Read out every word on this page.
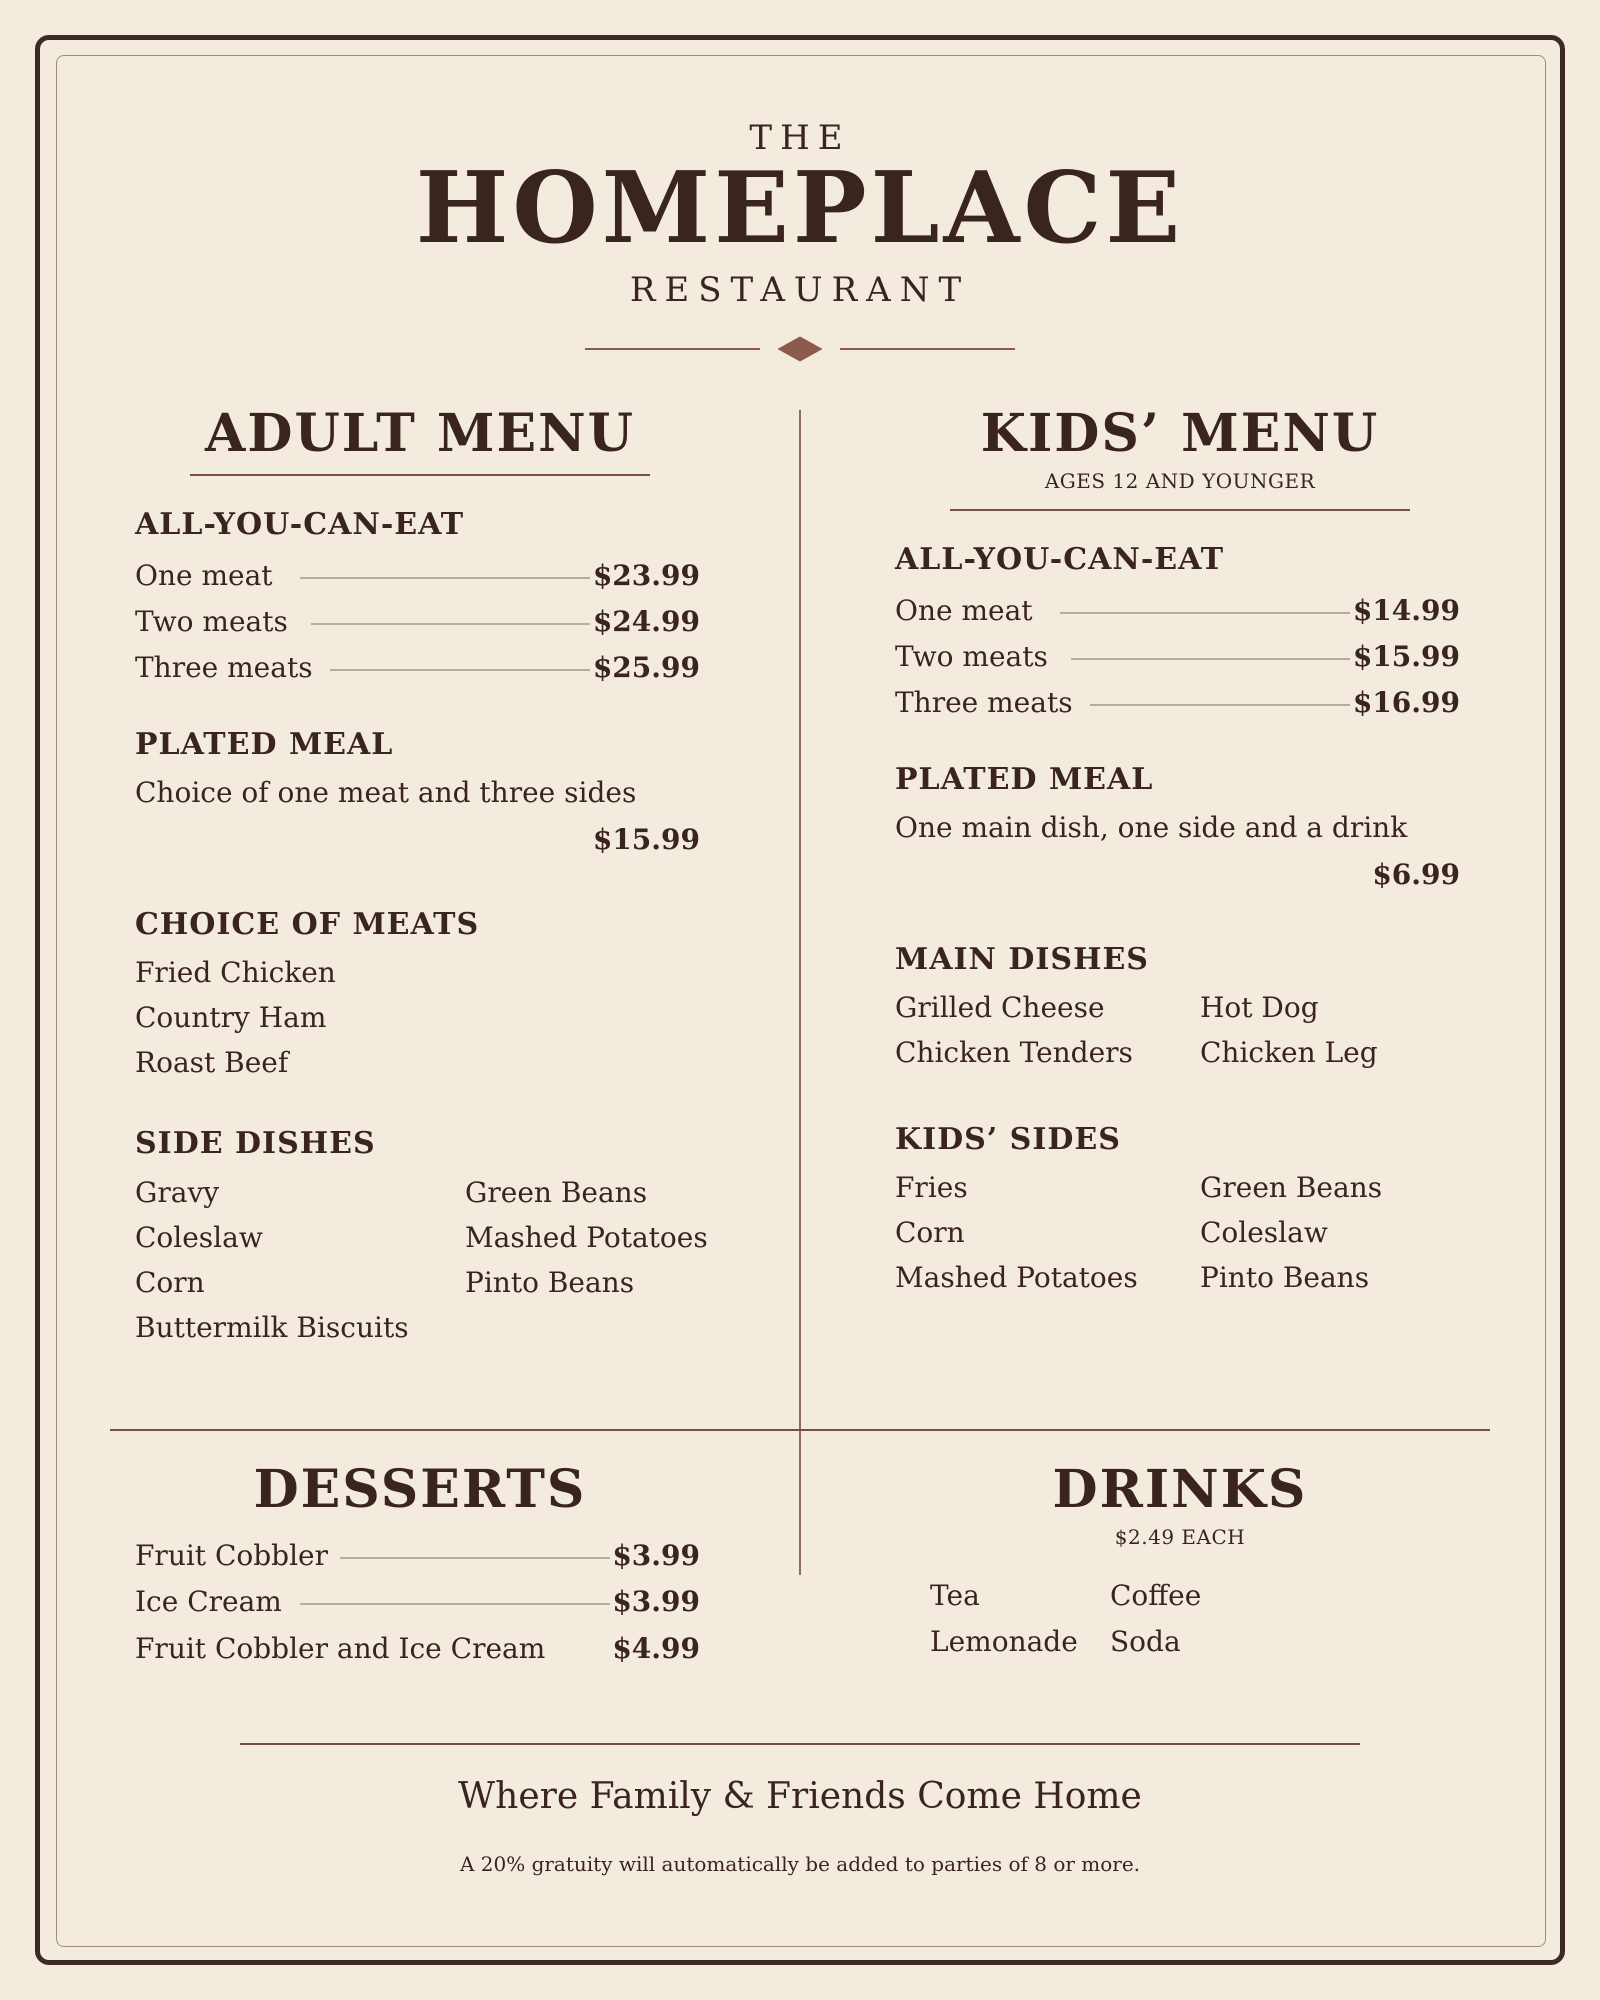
THE
HOMEPLACE
RESTAURANT
ADULT MENU
ALL-YOU-CAN-EAT
One meat	$23.99
Two meats	$24.99
Three meats	$25.99
PLATED MEAL
Choice of one meat and three sides
$15.99
CHOICE OF MEATS
Fried Chicken
Country Ham
Roast Beef
SIDE DISHES
Gravy
Coleslaw
Corn
Buttermilk Biscuits
Green Beans
Mashed Potatoes
Pinto Beans
KIDS’ MENU
AGES 12 AND YOUNGER
ALL-YOU-CAN-EAT
One meat	$14.99
Two meats	$15.99
Three meats	$16.99
PLATED MEAL
One main dish, one side and a drink
$6.99
MAIN DISHES
Grilled Cheese
Chicken Tenders
Hot Dog
Chicken Leg
KIDS’ SIDES
Fries
Corn
Mashed Potatoes
Green Beans
Coleslaw
Pinto Beans
DESSERTS
Fruit Cobbler	$3.99
Ice Cream	$3.99
Fruit Cobbler and Ice Cream	$4.99
DRINKS
$2.49 EACH
Tea
Lemonade
Coffee
Soda
Where Family & Friends Come Home
A 20% gratuity will automatically be added to parties of 8 or more.
